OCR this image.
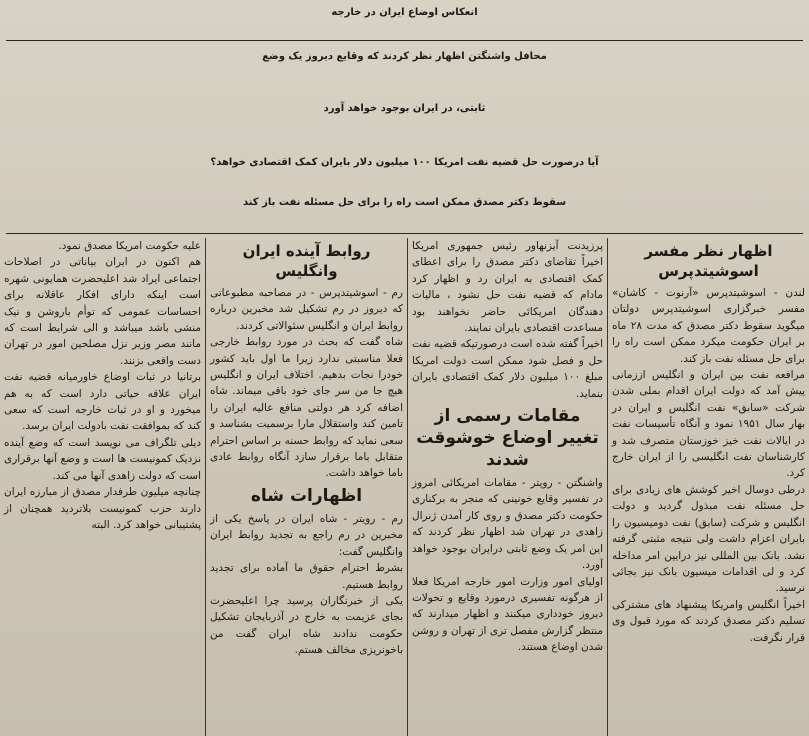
انعکاس اوضاع ایران در خارجه
محافل واشنگتن اظهار نظر کردند که وقایع دیروز یک وضع
ثابتی، در ایران بوجود خواهد آورد
آیا درصورت حل قضیه نفت امریکا ۱۰۰ میلیون دلار بایران کمک اقتصادی خواهد؟
سقوط دکتر مصدق ممکن است راه را برای حل مسئله نفت باز کند
اظهار نظر مفسر اسوشیتدپرس

لندن - اسوشیتدپرس «آرنوت - کاشان» مفسر خبرگزاری اسوشیتدپرس دولتان میگوید سقوط دکتر مصدق که مدت ۲۸ ماه بر ایران حکومت میکرد ممکن است راه را برای حل مسئله نفت باز کند.

مرافعه نفت بین ایران و انگلیس اززمانی پیش آمد که دولت ایران اقدام بملی شدن شرکت «سابق» نفت انگلیس و ایران در بهار سال ۱۹۵۱ نمود و آنگاه تأسیسات نفت در ایالات نفت خیز خوزستان متصرف شد و کارشناسان نفت انگلیسی را از ایران خارج کرد.

درطی دوسال اخیر کوشش های زیادی برای حل مسئله نفت مبذول گردید و دولت انگلیس و شرکت (سابق) نفت دومیسیون را بایران اعزام داشت ولی نتیجه مثبتی گرفته نشد. بانک بین المللی نیز درایین امر مداخله کرد و لی اقدامات میسیون بانک نیز بجائی نرسید.

اخیراً انگلیس وامریکا پیشنهاد های مشترکی تسلیم دکتر مصدق کردند که مورد قبول وی قرار نگرفت.

پرزیدنت آیزنهاور رئیس جمهوری امریکا اخیراً تقاضای دکتر مصدق را برای اعطای کمک اقتصادی به ایران رد و اظهار کرد مادام که قضیه نفت حل نشود ، مالیات دهندگان امریکائی حاضر نخواهند بود مساعدت اقتصادی بایران نمایند.

اخیراً گفته شده است درصورتیکه قضیه نفت حل و فصل شود ممکن است دولت امریکا مبلغ ۱۰۰ میلیون دلار کمک اقتصادی بایران بنماید.

مقامات رسمی از تغییر اوضاع خوشوقت شدند

واشنگتن - رویتر - مقامات امریکائی امروز در تفسیر وقایع خونینی که منجر به برکناری حکومت دکتر مصدق و روی کار آمدن ژنرال زاهدی در تهران شد اظهار نظر کردند که این امر یک وضع ثابتی درایران بوجود خواهد آورد.

اولیای امور وزارت امور خارجه امریکا فعلا از هرگونه تفسیری درمورد وقایع و تحولات دیروز خودداری میکنند و اظهار میدارند که منتظر گزارش مفصل تری از تهران و روشن شدن اوضاع هستند.

روابط آینده ایران وانگلیس

رم - اسوشیتدپرس - در مصاحبه مطبوعاتی که دیروز در رم تشکیل شد مخبرین درباره روابط ایران و انگلیس سئوالاتی کردند.

شاه گفت که بحث در مورد روابط خارجی فعلا مناسبتی ندارد زیرا ما اول باید کشور خودرا نجات بدهیم. اختلاف ایران و انگلیس هیچ جا من سر جای خود باقی میماند. شاه اضافه کرد هر دولتی منافع عالیه ایران را تامین کند واستقلال مارا برسمیت بشناسد و سعی نماید که روابط حسنه بر اساس احترام متقابل باما برقرار سازد آنگاه روابط عادی باما خواهد داشت.

اظهارات شاه

رم - رویتر - شاه ایران در پاسخ یکی از مخبرین در رم راجع به تجدید روابط ایران وانگلیس گفت:

بشرط احترام حقوق ما آماده برای تجدید روابط هستیم.

یکی از خبرنگاران پرسید چرا اعلیحضرت بجای عزیمت به خارج در آذربایجان تشکیل حکومت ندادند شاه ایران گفت من باخونریزی مخالف هستم.

علیه حکومت امریکا مصدق نمود.

هم اکنون در ایران بیاناتی در اصلاحات اجتماعی ایراد شد اعلیحضرت همایونی شهره است اینکه دارای افکار عاقلانه برای احساسات عمومی که توأم باروشن و نیک منشی باشد میباشد و الی شرایط است که مانند مصر وزیر نزل مصلحین امور در تهران دست واقعی بزنند.

برتانیا در ثبات اوضاع خاورمیانه قضیه نفت ایران علاقه حیاتی دارد است که به هم میخورد و او در ثبات خارجه است که سعی کند که بموافقت نفت بادولت ایران برسد.

دیلی تلگراف می نویسد است که وضع آینده نزدیک کمونیست ها است و وضع آنها برقراری است که دولت زاهدی آنها می کند.

چنانچه میلیون طرفدار مصدق از مبارزه ایران دارند حزب کمونیست بلاتردید همچنان از پشتیبانی خواهد کرد. البته
